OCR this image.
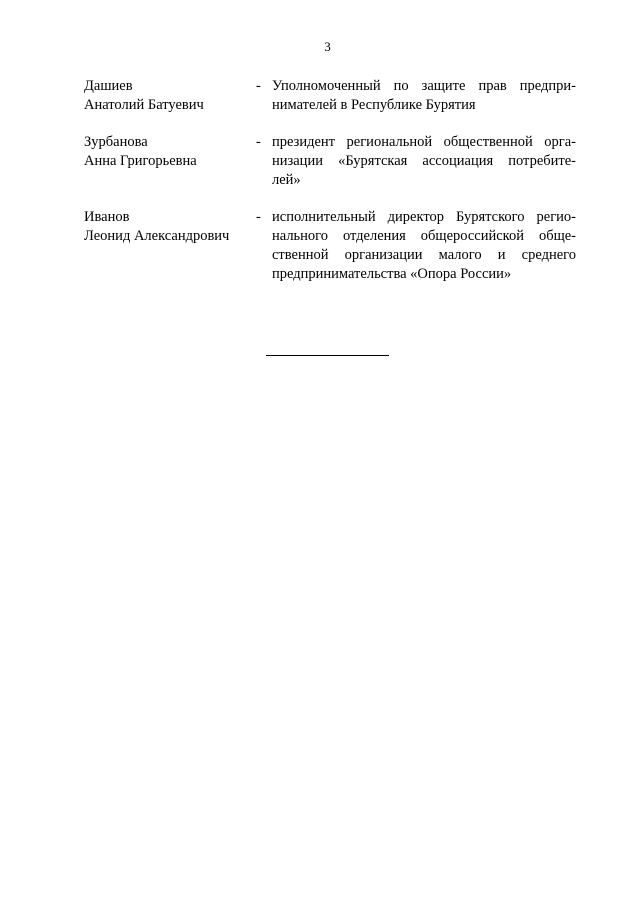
3
Дашиев
Анатолий Батуевич
- Уполномоченный по защите прав предпри-
нимателей в Республике Бурятия
Зурбанова
Анна Григорьевна
- президент региональной общественной орга-
низации «Бурятская ассоциация потребите-
лей»
Иванов
Леонид Александрович
- исполнительный директор Бурятского регио-
нального отделения общероссийской обще-
ственной организации малого и среднего
предпринимательства «Опора России»
